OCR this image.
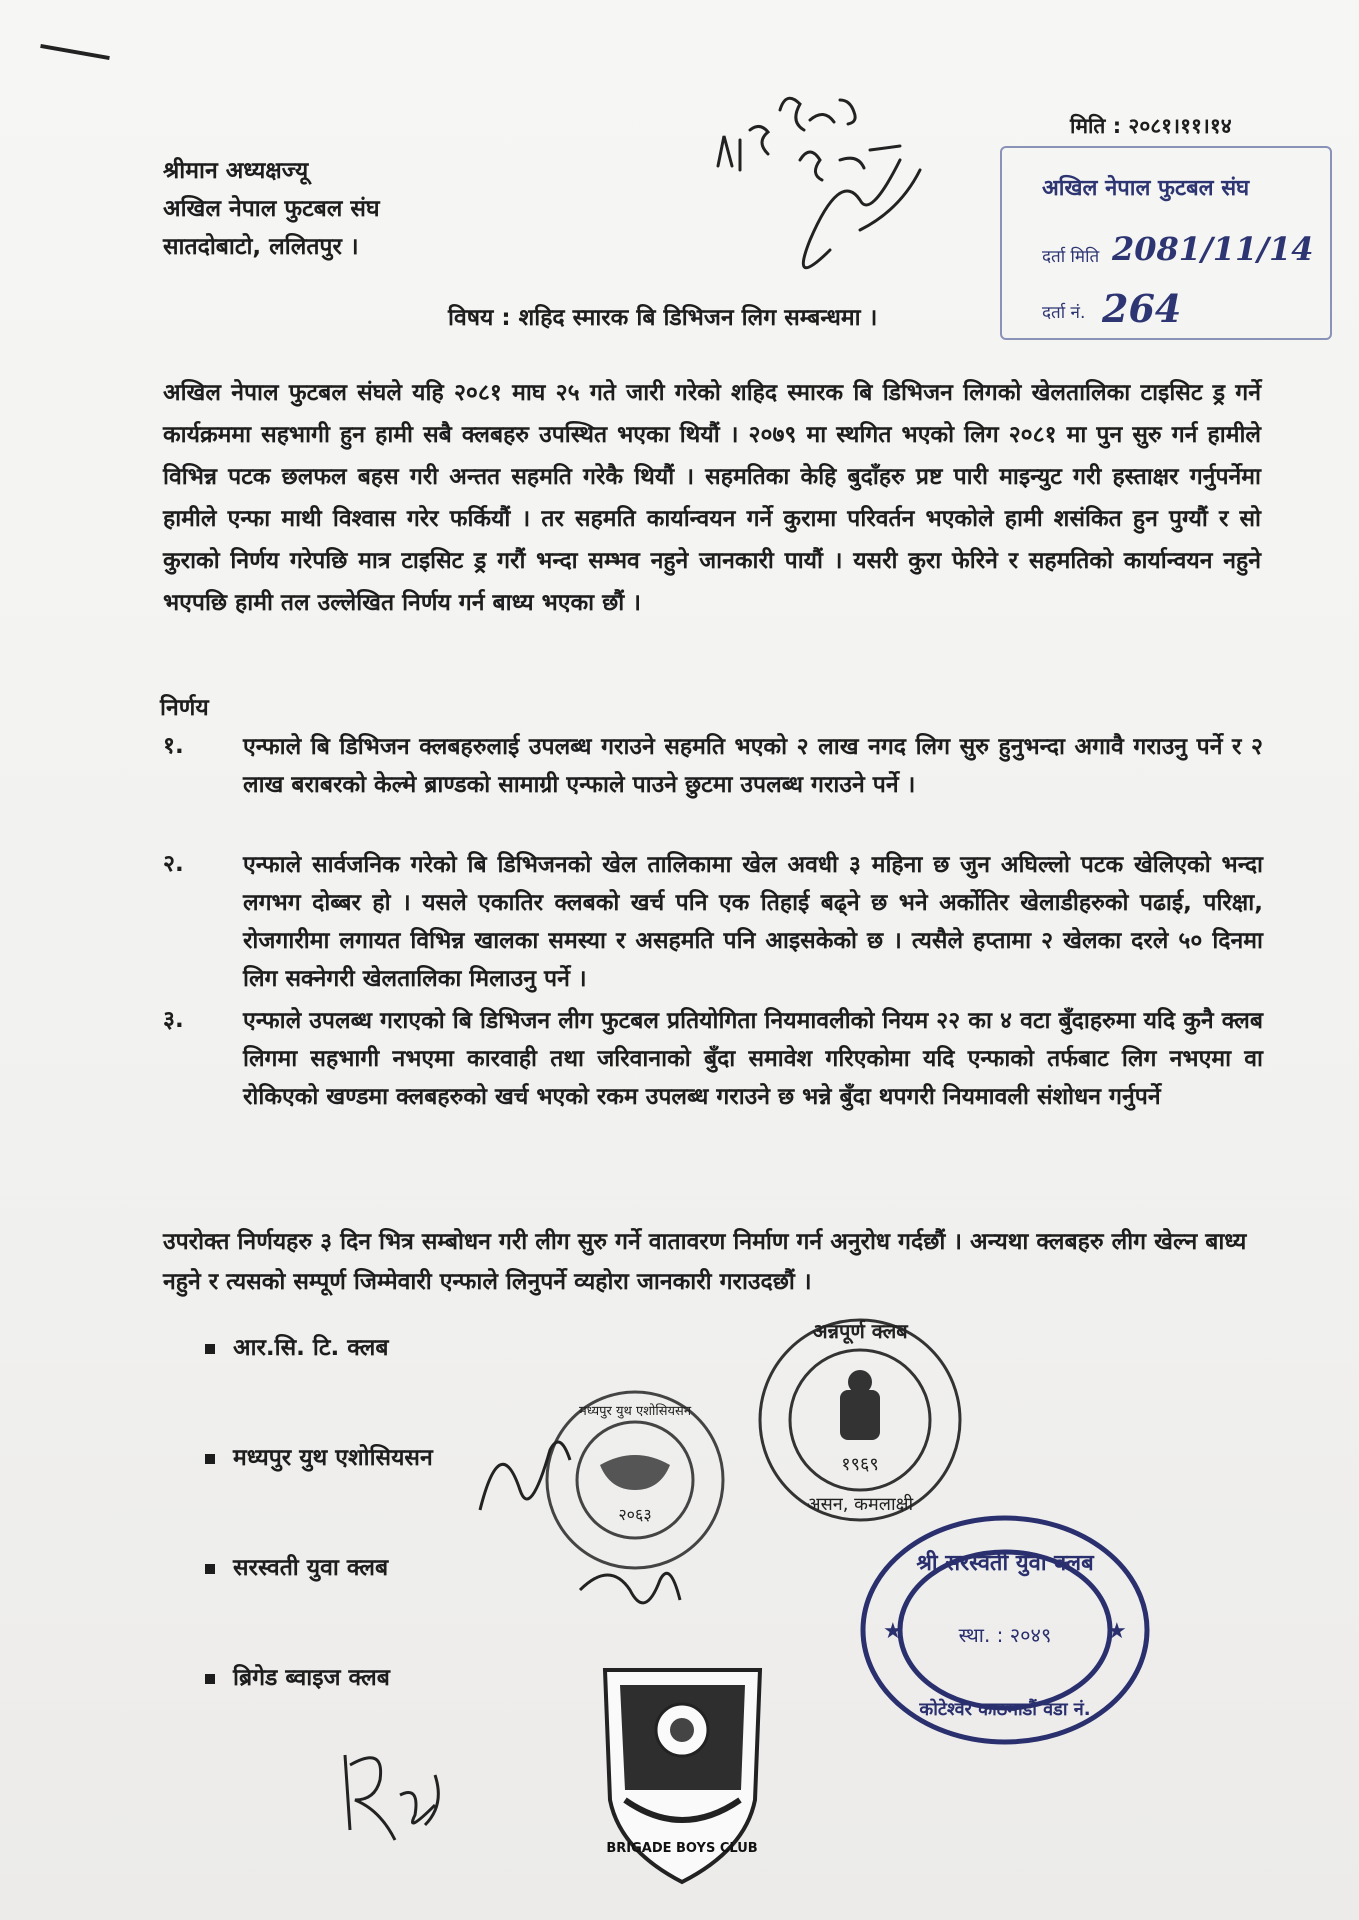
मिति : २०८१।११।१४
श्रीमान अध्यक्षज्यू
अखिल नेपाल फुटबल संघ
सातदोबाटो, ललितपुर ।
अखिल नेपाल फुटबल संघ
दर्ता मिति 2081/11/14
दर्ता नं. 264
विषय : शहिद स्मारक बि डिभिजन लिग सम्बन्धमा ।
अखिल नेपाल फुटबल संघले यहि २०८१ माघ २५ गते जारी गरेको शहिद स्मारक बि डिभिजन लिगको खेलतालिका टाइसिट ड्र गर्ने कार्यक्रममा सहभागी हुन हामी सबै क्लबहरु उपस्थित भएका थियौं । २०७९ मा स्थगित भएको लिग २०८१ मा पुन सुरु गर्न हामीले विभिन्न पटक छलफल बहस गरी अन्तत सहमति गरेकै थियौं । सहमतिका केहि बुदाँहरु प्रष्ट पारी माइन्युट गरी हस्ताक्षर गर्नुपर्नेमा हामीले एन्फा माथी विश्वास गरेर फर्कियौं । तर सहमति कार्यान्वयन गर्ने कुरामा परिवर्तन भएकोले हामी शसंकित हुन पुग्यौं र सो कुराको निर्णय गरेपछि मात्र टाइसिट ड्र गरौं भन्दा सम्भव नहुने जानकारी पायौं । यसरी कुरा फेरिने र सहमतिको कार्यान्वयन नहुने भएपछि हामी तल उल्लेखित निर्णय गर्न बाध्य भएका छौं ।
निर्णय
१.	एन्फाले बि डिभिजन क्लबहरुलाई उपलब्ध गराउने सहमति भएको २ लाख नगद लिग सुरु हुनुभन्दा अगावै गराउनु पर्ने र २ लाख बराबरको केल्मे ब्राण्डको सामाग्री एन्फाले पाउने छुटमा उपलब्ध गराउने पर्ने ।
२.	एन्फाले सार्वजनिक गरेको बि डिभिजनको खेल तालिकामा खेल अवधी ३ महिना छ जुन अघिल्लो पटक खेलिएको भन्दा लगभग दोब्बर हो । यसले एकातिर क्लबको खर्च पनि एक तिहाई बढ्ने छ भने अर्कोतिर खेलाडीहरुको पढाई, परिक्षा, रोजगारीमा लगायत विभिन्न खालका समस्या र असहमति पनि आइसकेको छ । त्यसैले हप्तामा २ खेलका दरले ५० दिनमा लिग सक्नेगरी खेलतालिका मिलाउनु पर्ने ।
३.	एन्फाले उपलब्ध गराएको बि डिभिजन लीग फुटबल प्रतियोगिता नियमावलीको नियम २२ का ४ वटा बुँदाहरुमा यदि कुनै क्लब लिगमा सहभागी नभएमा कारवाही तथा जरिवानाको बुँदा समावेश गरिएकोमा यदि एन्फाको तर्फबाट लिग नभएमा वा रोकिएको खण्डमा क्लबहरुको खर्च भएको रकम उपलब्ध गराउने छ भन्ने बुँदा थपगरी नियमावली संशोधन गर्नुपर्ने
उपरोक्त निर्णयहरु ३ दिन भित्र सम्बोधन गरी लीग सुरु गर्ने वातावरण निर्माण गर्न अनुरोध गर्दछौं । अन्यथा क्लबहरु लीग खेल्न बाध्य नहुने र त्यसको सम्पूर्ण जिम्मेवारी एन्फाले लिनुपर्ने व्यहोरा जानकारी गराउदछौं ।
आर.सि. टि. क्लब
मध्यपुर युथ एशोसियसन
सरस्वती युवा क्लब
ब्रिगेड ब्वाइज क्लब
अन्नपूर्ण क्लब
१९६९
असन, कमलाक्षी
मध्यपुर युथ एशोसियसन
२०६३
श्री सरस्वती युवा क्लब
स्था. : २०४९
कोटेश्वर काठमाडौं वडा नं.
★	★
BRIGADE BOYS CLUB
